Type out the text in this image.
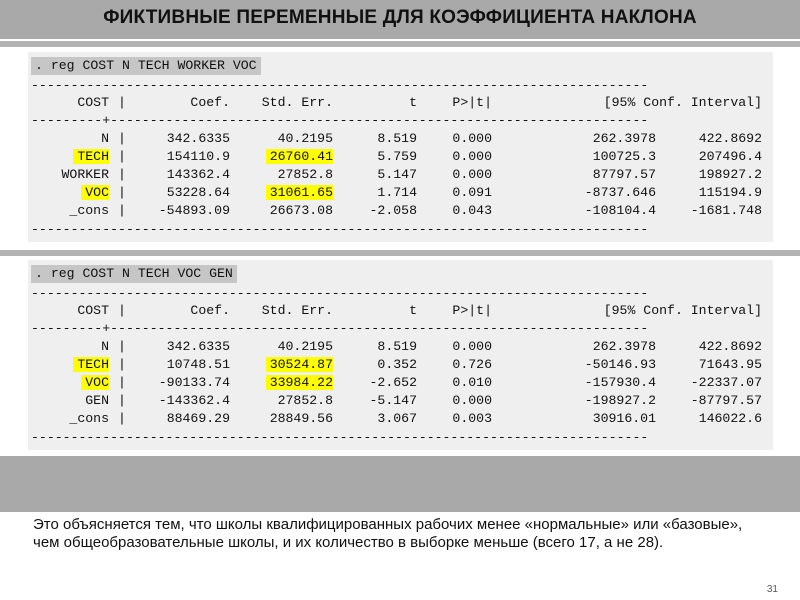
ФИКТИВНЫЕ ПЕРЕМЕННЫЕ ДЛЯ КОЭФФИЦИЕНТА НАКЛОНА
. reg COST N TECH WORKER VOC
------------------------------------------------------------------------------
COST	Coef.	Std. Err.	t	P>|t|	[95% Conf. Interval]
|
---------+--------------------------------------------------------------------
N	342.6335	40.2195	8.519	0.000	262.3978	422.8692
|
TECH	154110.9	26760.41	5.759	0.000	100725.3	207496.4
|
WORKER	143362.4	27852.8	5.147	0.000	87797.57	198927.2
|
VOC	53228.64	31061.65	1.714	0.091	-8737.646	115194.9
|
_cons	-54893.09	26673.08	-2.058	0.043	-108104.4	-1681.748
|
------------------------------------------------------------------------------
. reg COST N TECH VOC GEN
------------------------------------------------------------------------------
COST	Coef.	Std. Err.	t	P>|t|	[95% Conf. Interval]
|
---------+--------------------------------------------------------------------
N	342.6335	40.2195	8.519	0.000	262.3978	422.8692
|
TECH	10748.51	30524.87	0.352	0.726	-50146.93	71643.95
|
VOC	-90133.74	33984.22	-2.652	0.010	-157930.4	-22337.07
|
GEN	-143362.4	27852.8	-5.147	0.000	-198927.2	-87797.57
|
_cons	88469.29	28849.56	3.067	0.003	30916.01	146022.6
|
------------------------------------------------------------------------------
Это объясняется тем, что школы квалифицированных рабочих менее «нормальные» или «базовые», чем общеобразовательные школы, и их количество в выборке меньше (всего 17, а не 28).
31
